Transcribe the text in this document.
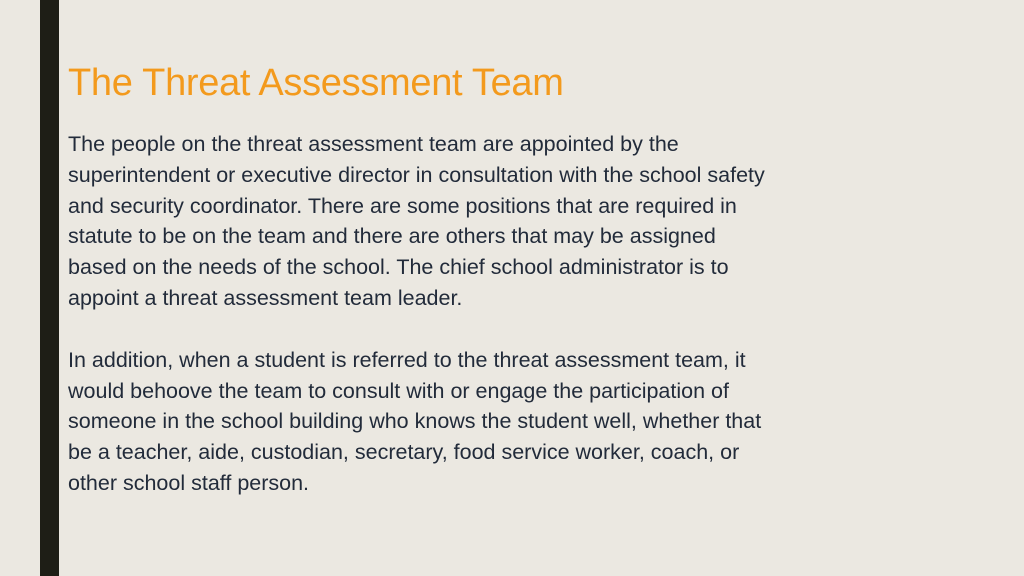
The Threat Assessment Team

The people on the threat assessment team are appointed by the
superintendent or executive director in consultation with the school safety
and security coordinator. There are some positions that are required in
statute to be on the team and there are others that may be assigned
based on the needs of the school. The chief school administrator is to
appoint a threat assessment team leader.

In addition, when a student is referred to the threat assessment team, it
would behoove the team to consult with or engage the participation of
someone in the school building who knows the student well, whether that
be a teacher, aide, custodian, secretary, food service worker, coach, or
other school staff person.
